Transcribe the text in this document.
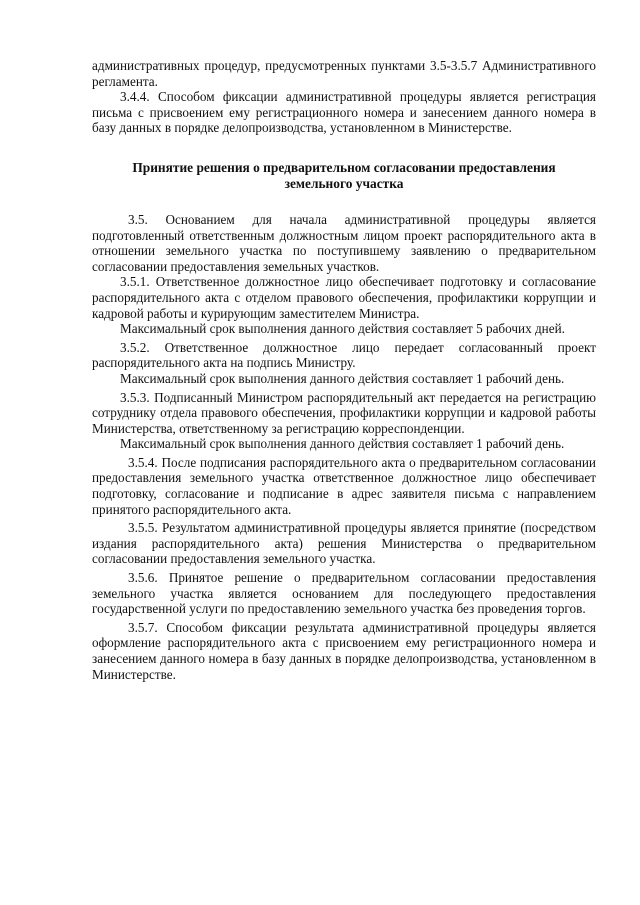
административных процедур, предусмотренных пунктами 3.5-3.5.7 Административного регламента.

3.4.4. Способом фиксации административной процедуры является регистрация письма с присвоением ему регистрационного номера и занесением данного номера в базу данных в порядке делопроизводства, установленном в Министерстве.

Принятие решения о предварительном согласовании предоставления
земельного участка

3.5. Основанием для начала административной процедуры является подготовленный ответственным должностным лицом проект распорядительного акта в отношении земельного участка по поступившему заявлению о предварительном согласовании предоставления земельных участков.

3.5.1. Ответственное должностное лицо обеспечивает подготовку и согласование распорядительного акта с отделом правового обеспечения, профилактики коррупции и кадровой работы и курирующим заместителем Министра.

Максимальный срок выполнения данного действия составляет 5 рабочих дней.

3.5.2. Ответственное должностное лицо передает согласованный проект распорядительного акта на подпись Министру.

Максимальный срок выполнения данного действия составляет 1 рабочий день.

3.5.3. Подписанный Министром распорядительный акт передается на регистрацию сотруднику отдела правового обеспечения, профилактики коррупции и кадровой работы Министерства, ответственному за регистрацию корреспонденции.

Максимальный срок выполнения данного действия составляет 1 рабочий день.

3.5.4. После подписания распорядительного акта о предварительном согласовании предоставления земельного участка ответственное должностное лицо обеспечивает подготовку, согласование и подписание в адрес заявителя письма с направлением принятого распорядительного акта.

3.5.5. Результатом административной процедуры является принятие (посредством издания распорядительного акта) решения Министерства о предварительном согласовании предоставления земельного участка.

3.5.6. Принятое решение о предварительном согласовании предоставления земельного участка является основанием для последующего предоставления государственной услуги по предоставлению земельного участка без проведения торгов.

3.5.7. Способом фиксации результата административной процедуры является оформление распорядительного акта с присвоением ему регистрационного номера и занесением данного номера в базу данных в порядке делопроизводства, установленном в Министерстве.
